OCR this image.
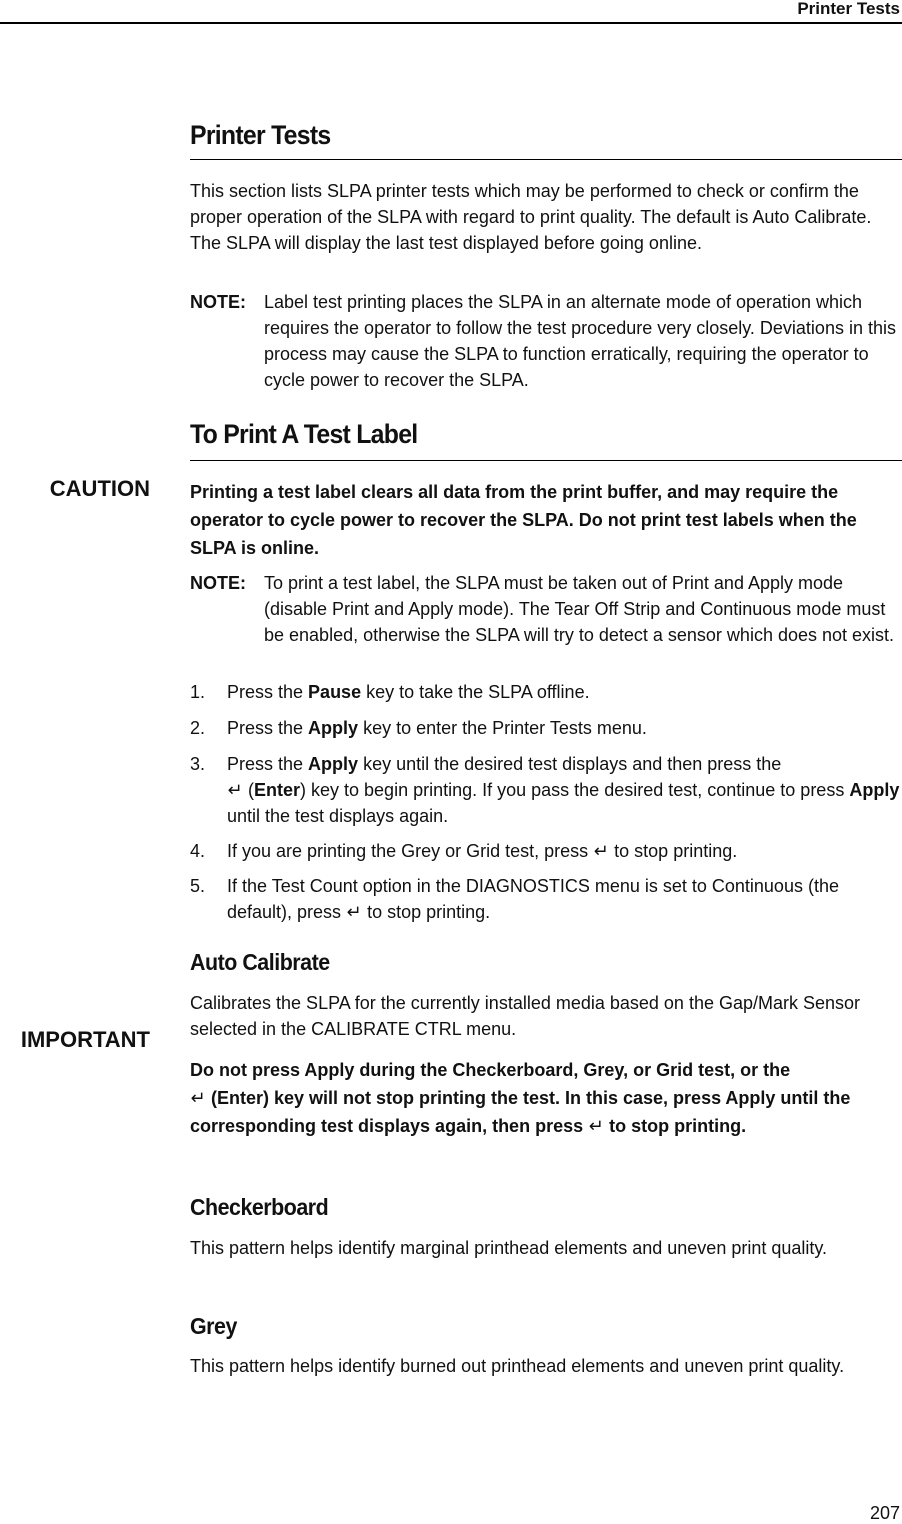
Printer Tests
Printer Tests
This section lists SLPA printer tests which may be performed to check or confirm the proper operation of the SLPA with regard to print quality. The default is Auto Calibrate. The SLPA will display the last test displayed before going online.
NOTE: Label test printing places the SLPA in an alternate mode of operation which requires the operator to follow the test procedure very closely. Deviations in this process may cause the SLPA to function erratically, requiring the operator to cycle power to recover the SLPA.
To Print A Test Label
CAUTION Printing a test label clears all data from the print buffer, and may require the operator to cycle power to recover the SLPA. Do not print test labels when the SLPA is online.
NOTE: To print a test label, the SLPA must be taken out of Print and Apply mode (disable Print and Apply mode). The Tear Off Strip and Continuous mode must be enabled, otherwise the SLPA will try to detect a sensor which does not exist.
1. Press the Pause key to take the SLPA offline.
2. Press the Apply key to enter the Printer Tests menu.
3. Press the Apply key until the desired test displays and then press the
↵ (Enter) key to begin printing. If you pass the desired test, continue to press Apply until the test displays again.
4. If you are printing the Grey or Grid test, press ↵ to stop printing.
5. If the Test Count option in the DIAGNOSTICS menu is set to Continuous (the default), press ↵ to stop printing.
Auto Calibrate
Calibrates the SLPA for the currently installed media based on the Gap/Mark Sensor selected in the CALIBRATE CTRL menu.
IMPORTANT
Do not press Apply during the Checkerboard, Grey, or Grid test, or the
↵ (Enter) key will not stop printing the test. In this case, press Apply until the corresponding test displays again, then press ↵ to stop printing.
Checkerboard
This pattern helps identify marginal printhead elements and uneven print quality.
Grey
This pattern helps identify burned out printhead elements and uneven print quality.
207
